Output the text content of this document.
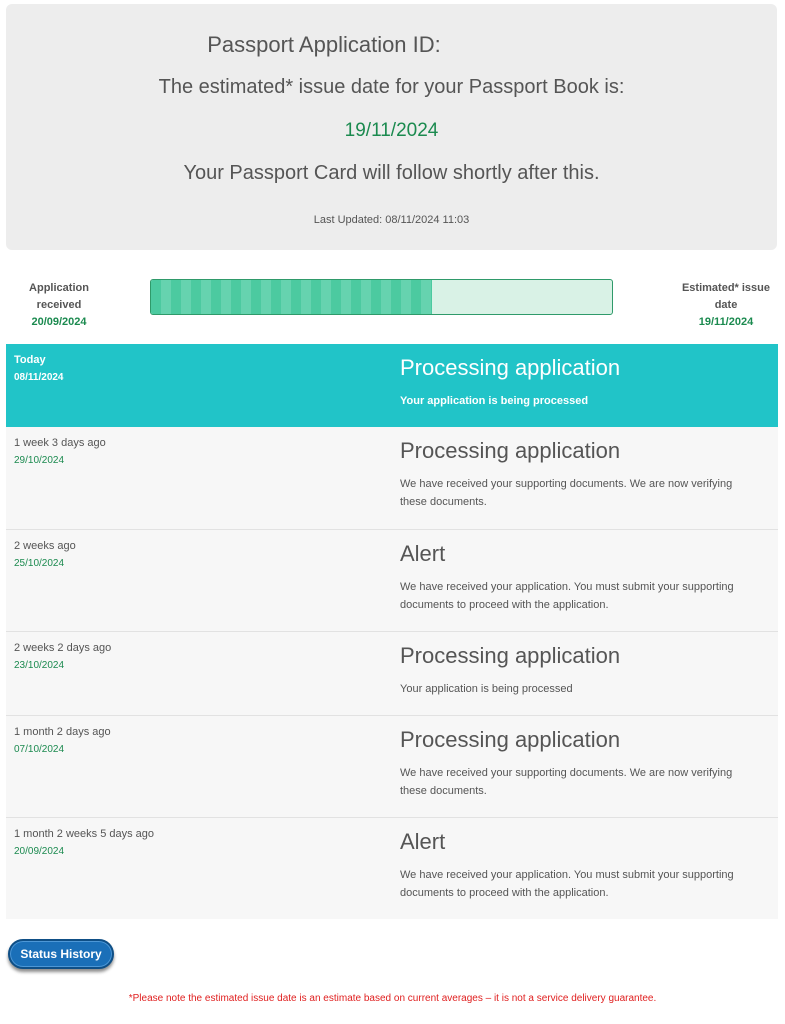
Passport Application ID:
The estimated* issue date for your Passport Book is:
19/11/2024
Your Passport Card will follow shortly after this.
Last Updated: 08/11/2024 11:03
Application received
20/09/2024
Estimated* issue date
19/11/2024
Today
08/11/2024	Processing application
Your application is being processed
1 week 3 days ago
29/10/2024	Processing application
We have received your supporting documents. We are now verifying these documents.
2 weeks ago
25/10/2024	Alert
We have received your application. You must submit your supporting documents to proceed with the application.
2 weeks 2 days ago
23/10/2024	Processing application
Your application is being processed
1 month 2 days ago
07/10/2024	Processing application
We have received your supporting documents. We are now verifying these documents.
1 month 2 weeks 5 days ago
20/09/2024	Alert
We have received your application. You must submit your supporting documents to proceed with the application.
Status History
*Please note the estimated issue date is an estimate based on current averages – it is not a service delivery guarantee.
